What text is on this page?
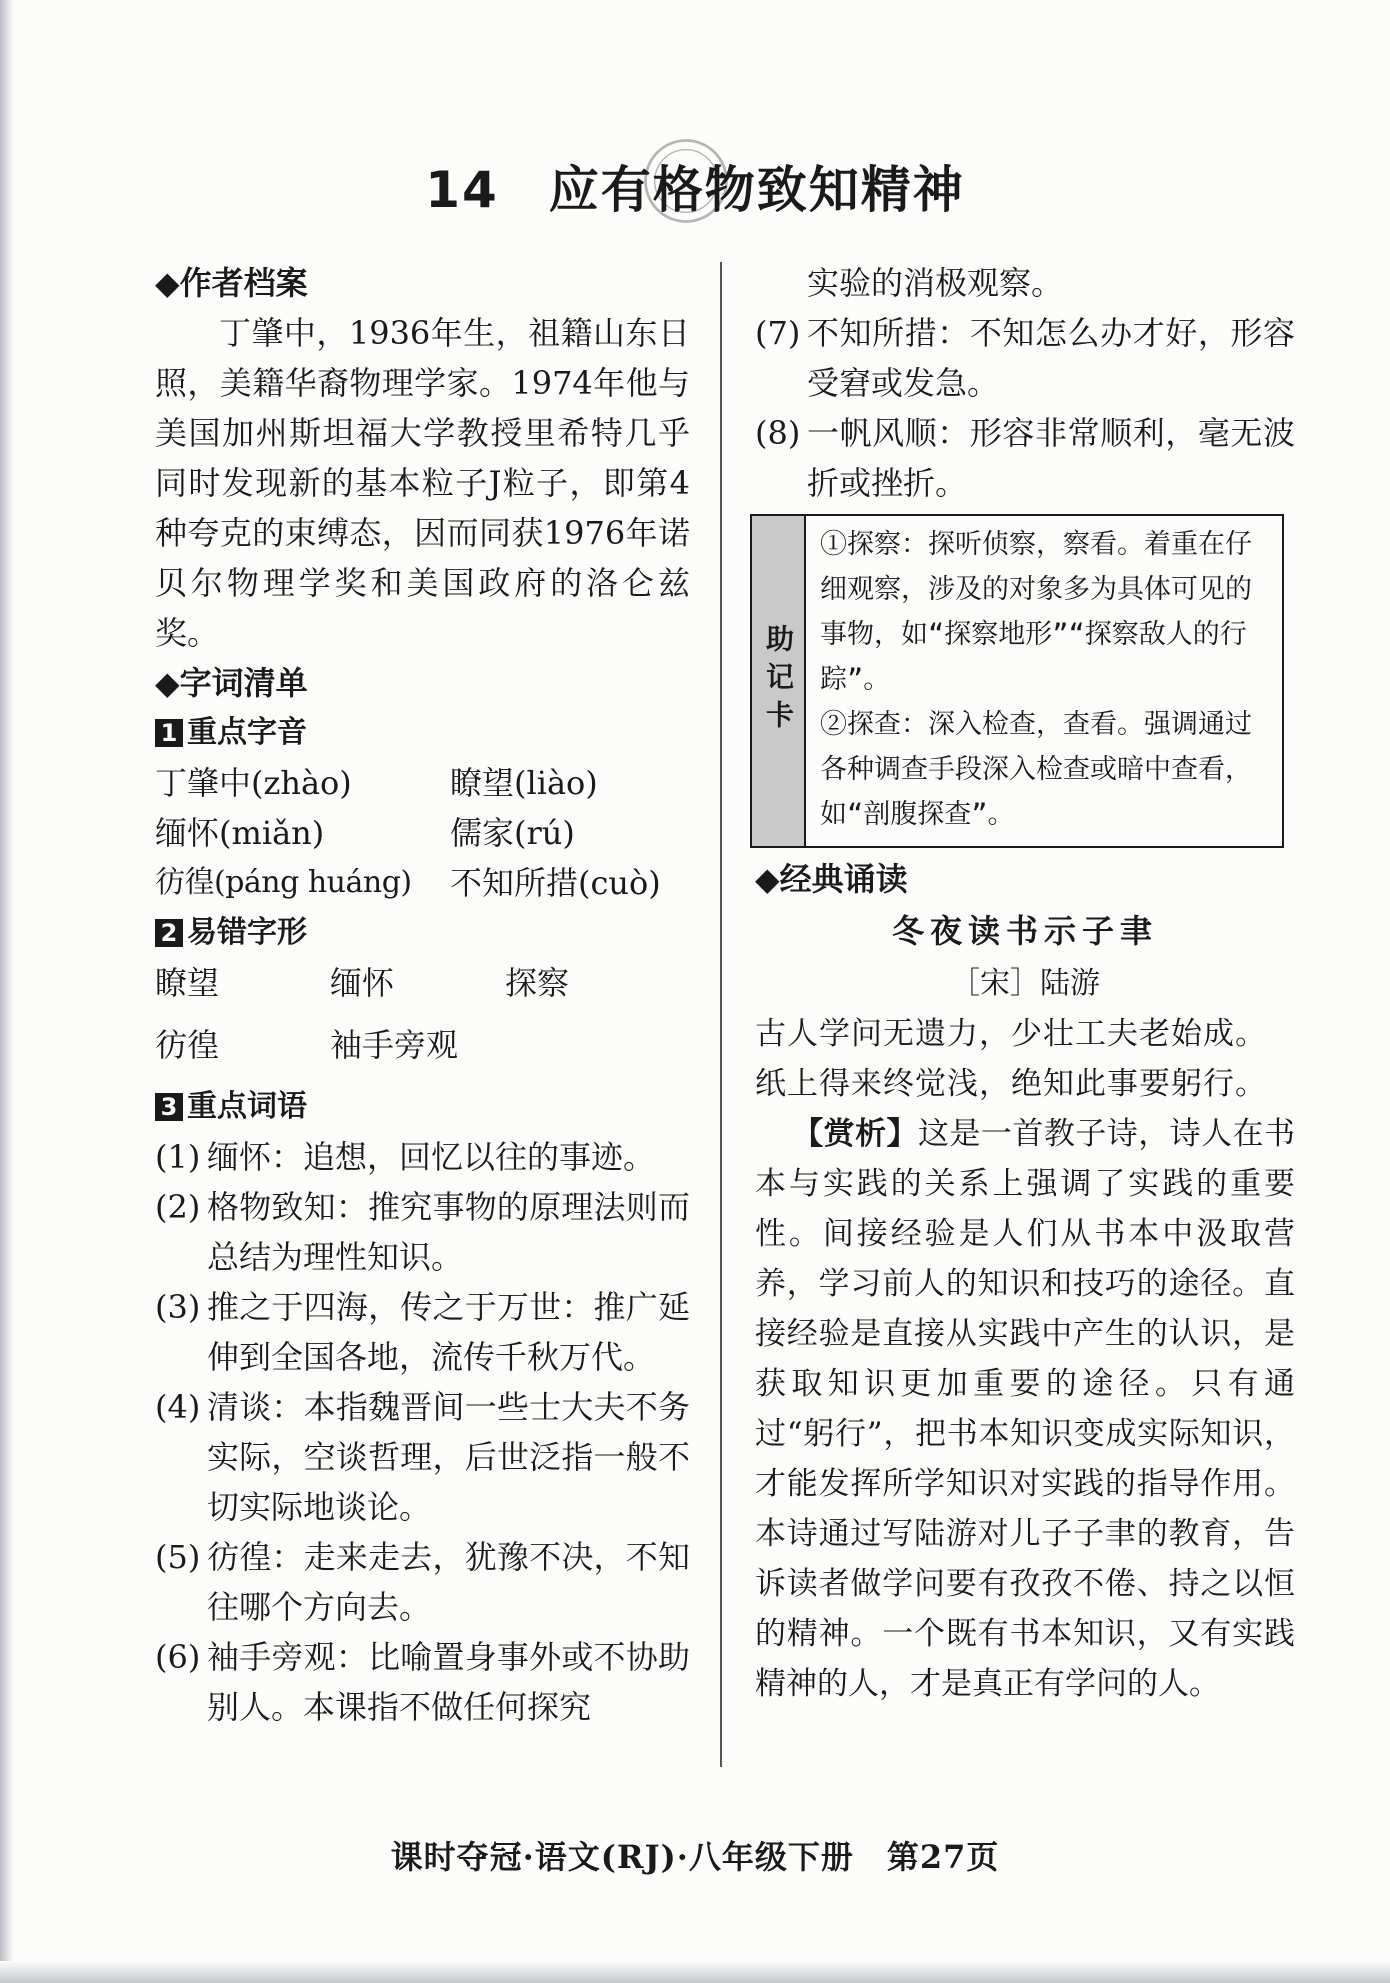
14 应有格物致知精神
◆作者档案

丁肇中，1936年生，祖籍山东日照，美籍华裔物理学家。1974年他与美国加州斯坦福大学教授里希特几乎同时发现新的基本粒子J粒子，即第4种夸克的束缚态，因而同获1976年诺贝尔物理学奖和美国政府的洛仑兹奖。

◆字词清单
1 重点字音
丁肇中(zhào)	瞭望(liào)
缅怀(miǎn)	儒家(rú)
彷徨(páng huáng)	不知所措(cuò)
2 易错字形
瞭望	缅怀	探察
彷徨	袖手旁观
3 重点词语
(1) 缅怀：追想，回忆以往的事迹。
(2) 格物致知：推究事物的原理法则而总结为理性知识。
(3) 推之于四海，传之于万世：推广延伸到全国各地，流传千秋万代。
(4) 清谈：本指魏晋间一些士大夫不务实际，空谈哲理，后世泛指一般不切实际地谈论。
(5) 彷徨：走来走去，犹豫不决，不知往哪个方向去。
(6) 袖手旁观：比喻置身事外或不协助别人。本课指不做任何探究

实验的消极观察。

(7) 不知所措：不知怎么办才好，形容受窘或发急。
(8) 一帆风顺：形容非常顺利，毫无波折或挫折。
助记卡

①探察：探听侦察，察看。着重在仔细观察，涉及的对象多为具体可见的事物，如“探察地形”“探察敌人的行踪”。

②探查：深入检查，查看。强调通过各种调查手段深入检查或暗中查看，如“剖腹探查”。

◆经典诵读
冬夜读书示子聿
［宋］陆游
古人学问无遗力，少壮工夫老始成。
纸上得来终觉浅，绝知此事要躬行。

【赏析】这是一首教子诗，诗人在书本与实践的关系上强调了实践的重要性。间接经验是人们从书本中汲取营养，学习前人的知识和技巧的途径。直接经验是直接从实践中产生的认识，是获取知识更加重要的途径。只有通过“躬行”，把书本知识变成实际知识，才能发挥所学知识对实践的指导作用。本诗通过写陆游对儿子子聿的教育，告诉读者做学问要有孜孜不倦、持之以恒的精神。一个既有书本知识，又有实践精神的人，才是真正有学问的人。

课时夺冠·语文(RJ)·八年级下册　第27页
